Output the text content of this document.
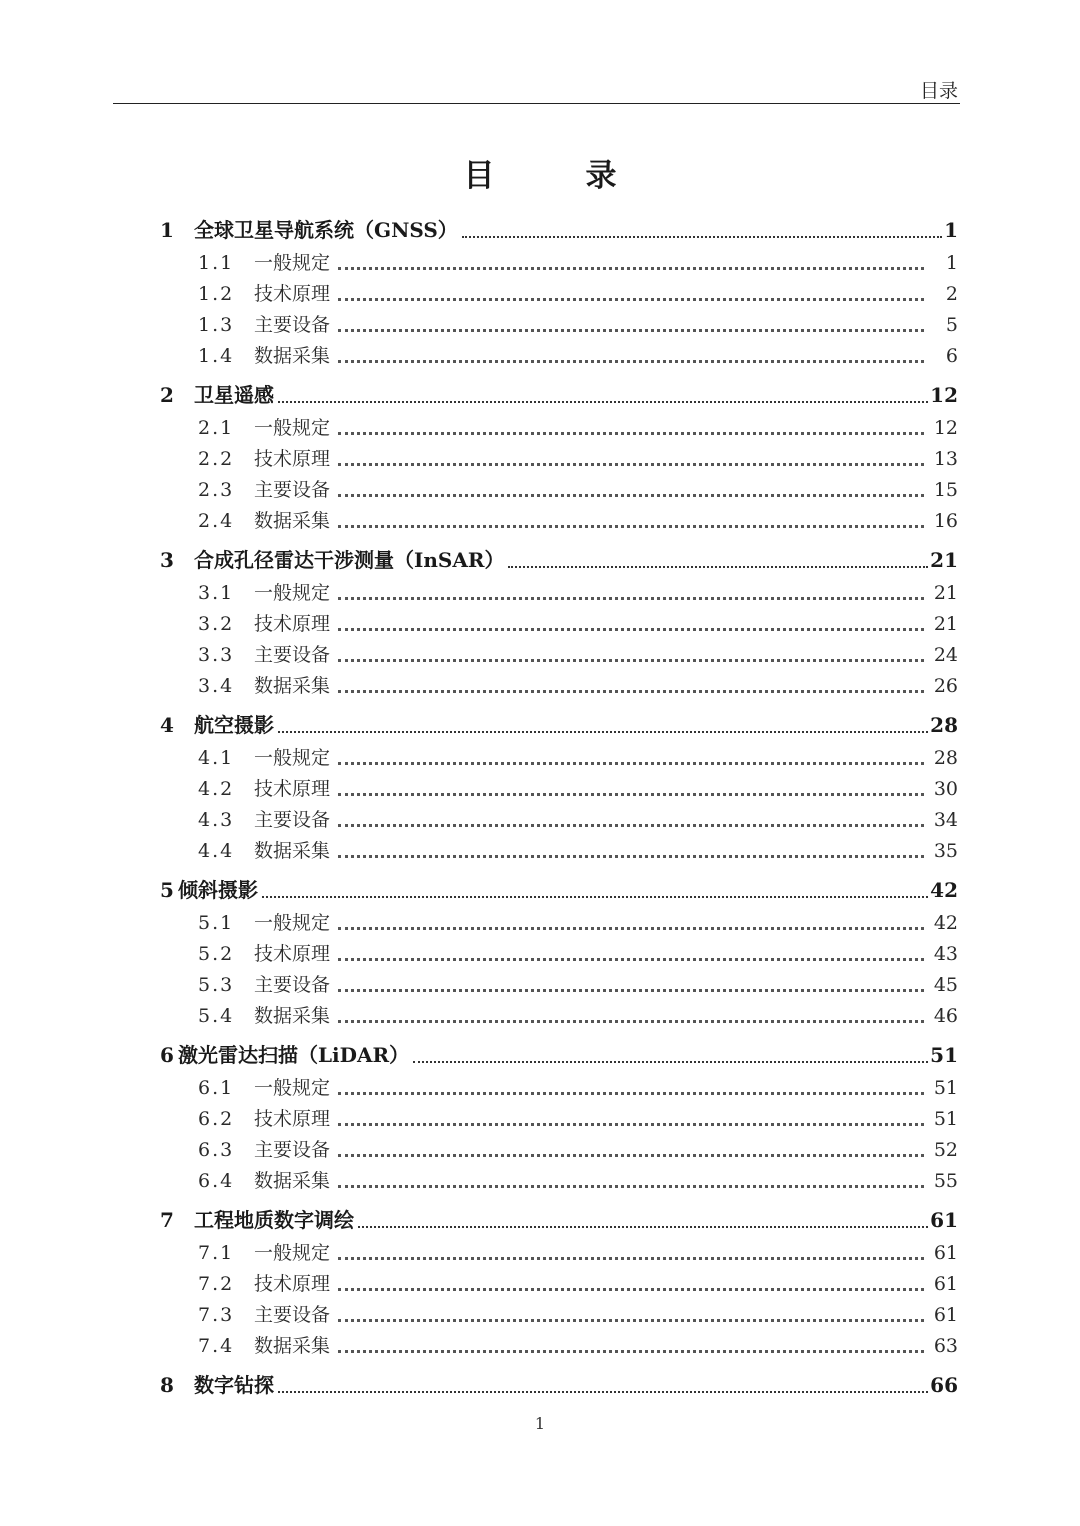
目录
目　录
1	全球卫星导航系统（GNSS）	1
1.1	一般规定	1
1.2	技术原理	2
1.3	主要设备	5
1.4	数据采集	6
2	卫星遥感	12
2.1	一般规定	12
2.2	技术原理	13
2.3	主要设备	15
2.4	数据采集	16
3	合成孔径雷达干涉测量（InSAR）	21
3.1	一般规定	21
3.2	技术原理	21
3.3	主要设备	24
3.4	数据采集	26
4	航空摄影	28
4.1	一般规定	28
4.2	技术原理	30
4.3	主要设备	34
4.4	数据采集	35
5 倾斜摄影	42
5.1	一般规定	42
5.2	技术原理	43
5.3	主要设备	45
5.4	数据采集	46
6 激光雷达扫描（LiDAR）	51
6.1	一般规定	51
6.2	技术原理	51
6.3	主要设备	52
6.4	数据采集	55
7	工程地质数字调绘	61
7.1	一般规定	61
7.2	技术原理	61
7.3	主要设备	61
7.4	数据采集	63
8	数字钻探	66
1
